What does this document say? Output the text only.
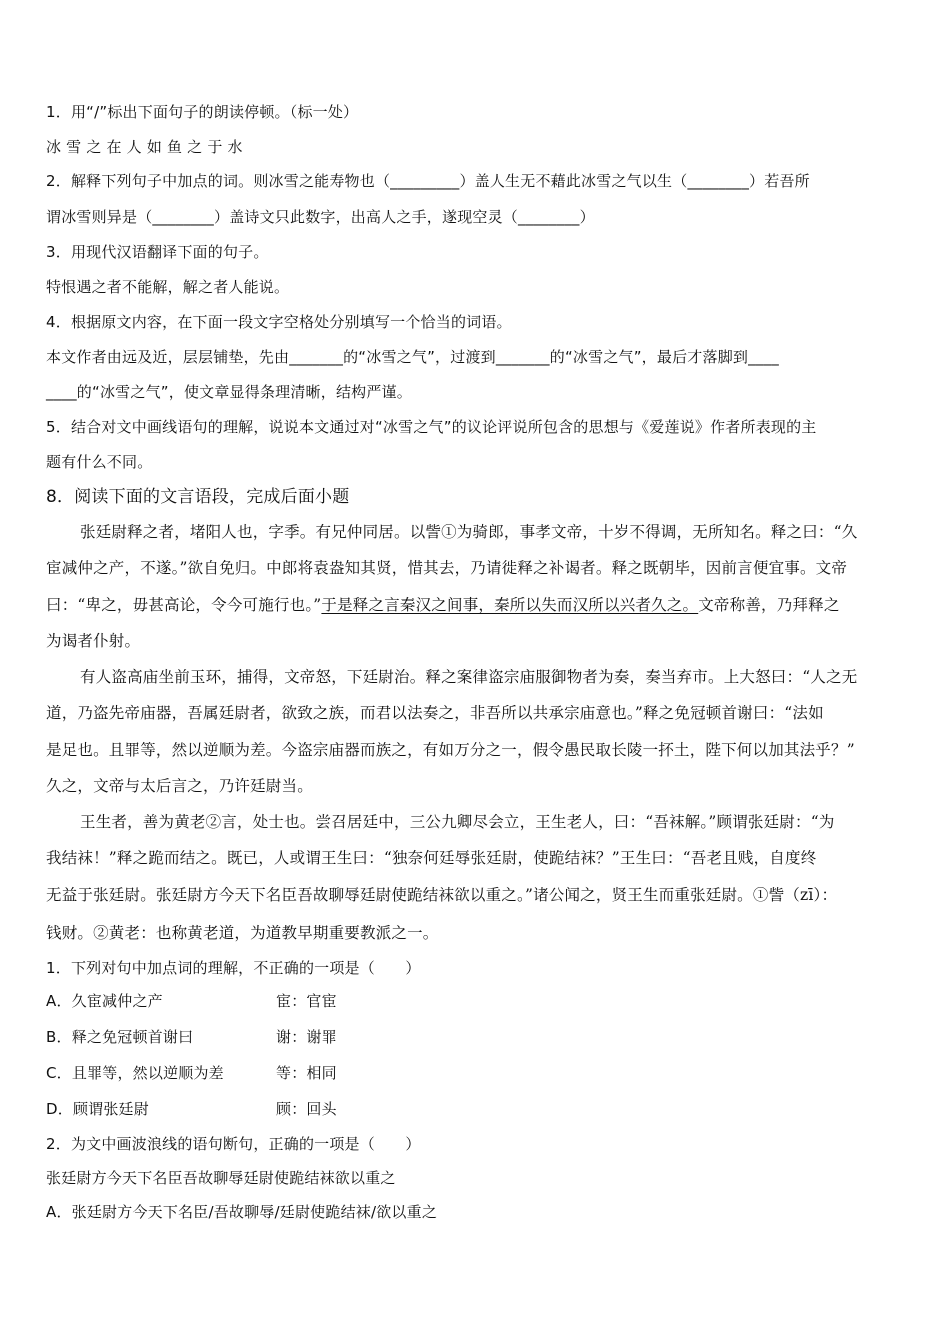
1．用“/”标出下面句子的朗读停顿。（标一处）
冰 雪 之 在 人 如 鱼 之 于 水
2．解释下列句子中加点的词。则冰雪之能寿物也（_________）盖人生无不藉此冰雪之气以生（________）若吾所
谓冰雪则异是（________）盖诗文只此数字，出高人之手，遂现空灵（________）
3．用现代汉语翻译下面的句子。
特恨遇之者不能解，解之者人能说。
4．根据原文内容，在下面一段文字空格处分别填写一个恰当的词语。
本文作者由远及近，层层铺垫，先由_______的“冰雪之气”，过渡到_______的“冰雪之气”，最后才落脚到____
____的“冰雪之气”，使文章显得条理清晰，结构严谨。
5．结合对文中画线语句的理解，说说本文通过对“冰雪之气”的议论评说所包含的思想与《爱莲说》作者所表现的主
题有什么不同。
8．阅读下面的文言语段，完成后面小题
张廷尉释之者，堵阳人也，字季。有兄仲同居。以訾①为骑郎，事孝文帝，十岁不得调，无所知名。释之曰：“久
宦减仲之产，不遂。”欲自免归。中郎将袁盎知其贤，惜其去，乃请徙释之补谒者。释之既朝毕，因前言便宜事。文帝
曰：“卑之，毋甚高论，令今可施行也。”于是释之言秦汉之间事，秦所以失而汉所以兴者久之。文帝称善，乃拜释之
为谒者仆射。
有人盗高庙坐前玉环，捕得，文帝怒，下廷尉治。释之案律盗宗庙服御物者为奏，奏当弃市。上大怒曰：“人之无
道，乃盗先帝庙器，吾属廷尉者，欲致之族，而君以法奏之，非吾所以共承宗庙意也。”释之免冠顿首谢曰：“法如
是足也。且罪等，然以逆顺为差。今盗宗庙器而族之，有如万分之一，假令愚民取长陵一抔土，陛下何以加其法乎？”
久之，文帝与太后言之，乃许廷尉当。
王生者，善为黄老②言，处士也。尝召居廷中，三公九卿尽会立，王生老人，曰：“吾袜解。”顾谓张廷尉：“为
我结袜！”释之跪而结之。既已，人或谓王生曰：“独奈何廷辱张廷尉，使跪结袜？”王生曰：“吾老且贱，自度终
无益于张廷尉。张廷尉方今天下名臣吾故聊辱廷尉使跪结袜欲以重之。”诸公闻之，贤王生而重张廷尉。①訾（zī）：
钱财。②黄老：也称黄老道，为道教早期重要教派之一。
1．下列对句中加点词的理解，不正确的一项是（　　）
A．久宦减仲之产	宦：官宦
B．释之免冠顿首谢曰	谢：谢罪
C．且罪等，然以逆顺为差	等：相同
D．顾谓张廷尉	顾：回头
2．为文中画波浪线的语句断句，正确的一项是（　　）
张廷尉方今天下名臣吾故聊辱廷尉使跪结袜欲以重之
A．张廷尉方今天下名臣/吾故聊辱/廷尉使跪结袜/欲以重之
